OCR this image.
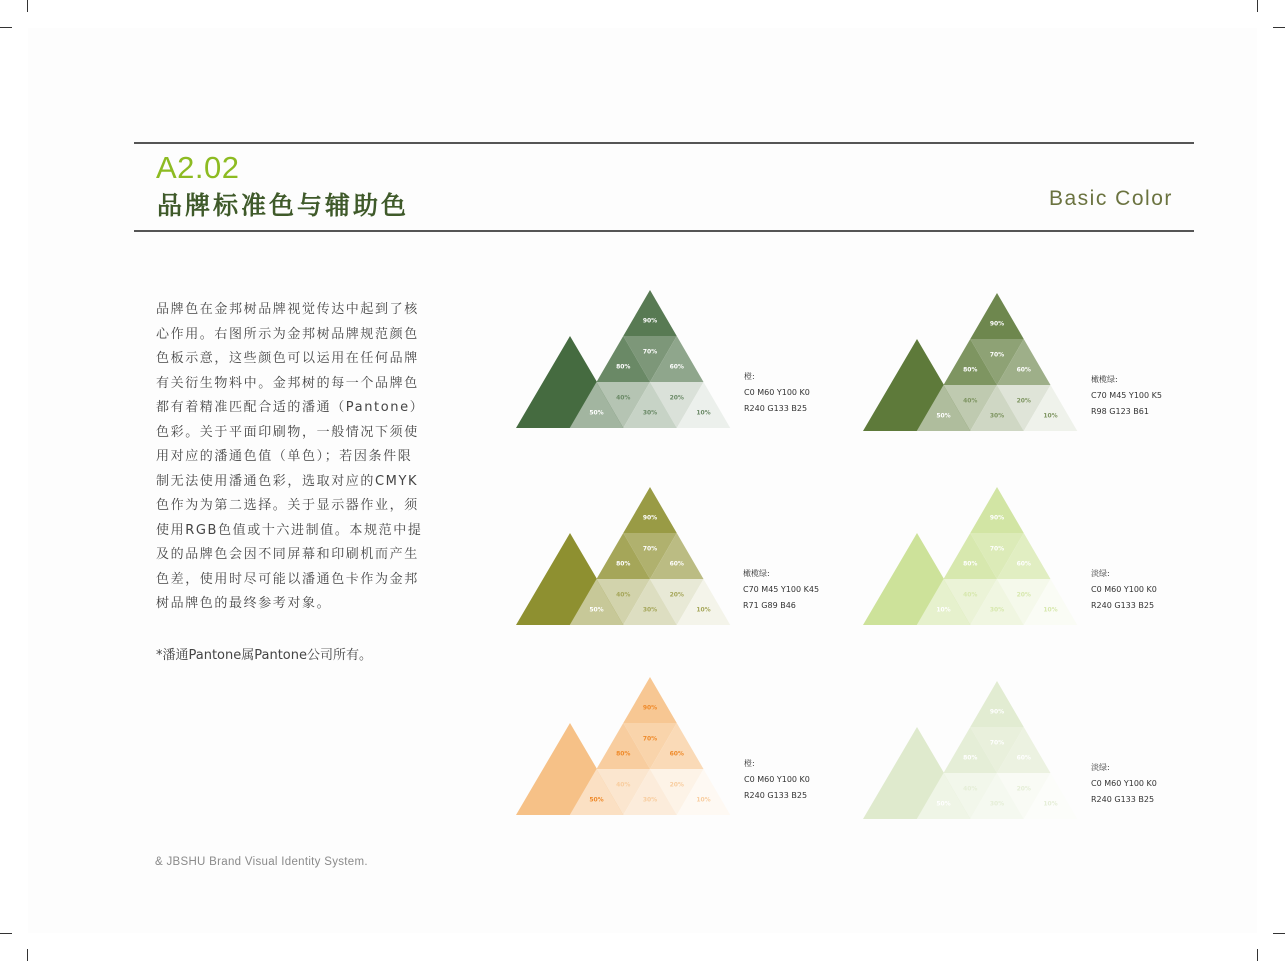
A2.02
品牌标准色与辅助色	Basic Color

品牌色在金邦树品牌视觉传达中起到了核心作用。右图所示为金邦树品牌规范颜色色板示意，这些颜色可以运用在任何品牌有关衍生物料中。金邦树的每一个品牌色都有着精准匹配合适的潘通（Pantone）色彩。关于平面印刷物，一般情况下须使用对应的潘通色值（单色）；若因条件限制无法使用潘通色彩，选取对应的CMYK色作为为第二选择。关于显示器作业，须使用RGB色值或十六进制值。本规范中提及的品牌色会因不同屏幕和印刷机而产生色差，使用时尽可能以潘通色卡作为金邦树品牌色的最终参考对象。

*潘通Pantone属Pantone公司所有。

& JBSHU Brand Visual Identity System.
90%
70%
80%	60%
40%	20%
50%	30%	10%
橙:
C0 M60 Y100 K0
R240 G133 B25
90%
70%
80%	60%
40%	20%
50%	30%	10%
橄榄绿:
C70 M45 Y100 K5
R98 G123 B61
90%
70%
80%	60%
40%	20%
50%	30%	10%
橄榄绿:
C70 M45 Y100 K45
R71 G89 B46
90%
70%
80%	60%
40%	20%
10%	30%	10%
淡绿:
C0 M60 Y100 K0
R240 G133 B25
90%
70%
80%	60%
40%	20%
50%	30%	10%
橙:
C0 M60 Y100 K0
R240 G133 B25
90%
70%
80%	60%
40%	20%
50%	30%	10%
淡绿:
C0 M60 Y100 K0
R240 G133 B25
